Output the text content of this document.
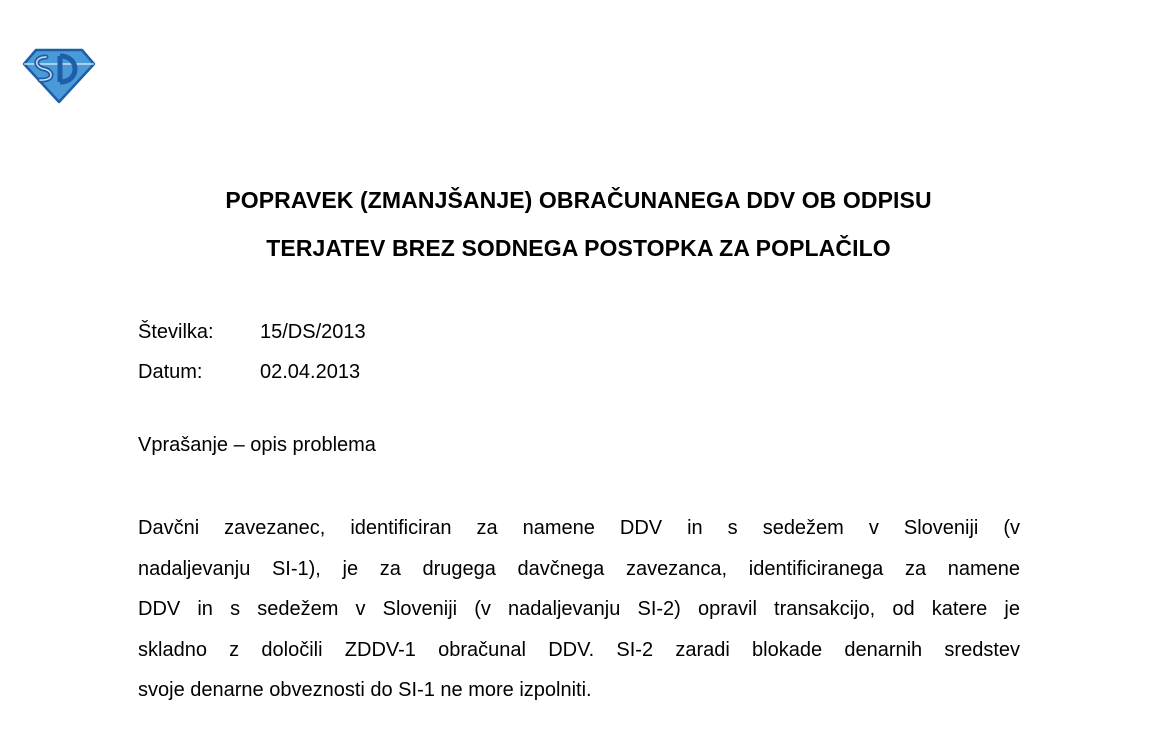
POPRAVEK (ZMANJŠANJE) OBRAČUNANEGA DDV OB ODPISU
TERJATEV BREZ SODNEGA POSTOPKA ZA POPLAČILO
Številka:	15/DS/2013
Datum:	02.04.2013
Vprašanje – opis problema
Davčni zavezanec, identificiran za namene DDV in s sedežem v Sloveniji (v
nadaljevanju SI-1), je za drugega davčnega zavezanca, identificiranega za namene
DDV in s sedežem v Sloveniji (v nadaljevanju SI-2) opravil transakcijo, od katere je
skladno z določili ZDDV-1 obračunal DDV. SI-2 zaradi blokade denarnih sredstev
svoje denarne obveznosti do SI-1 ne more izpolniti.
